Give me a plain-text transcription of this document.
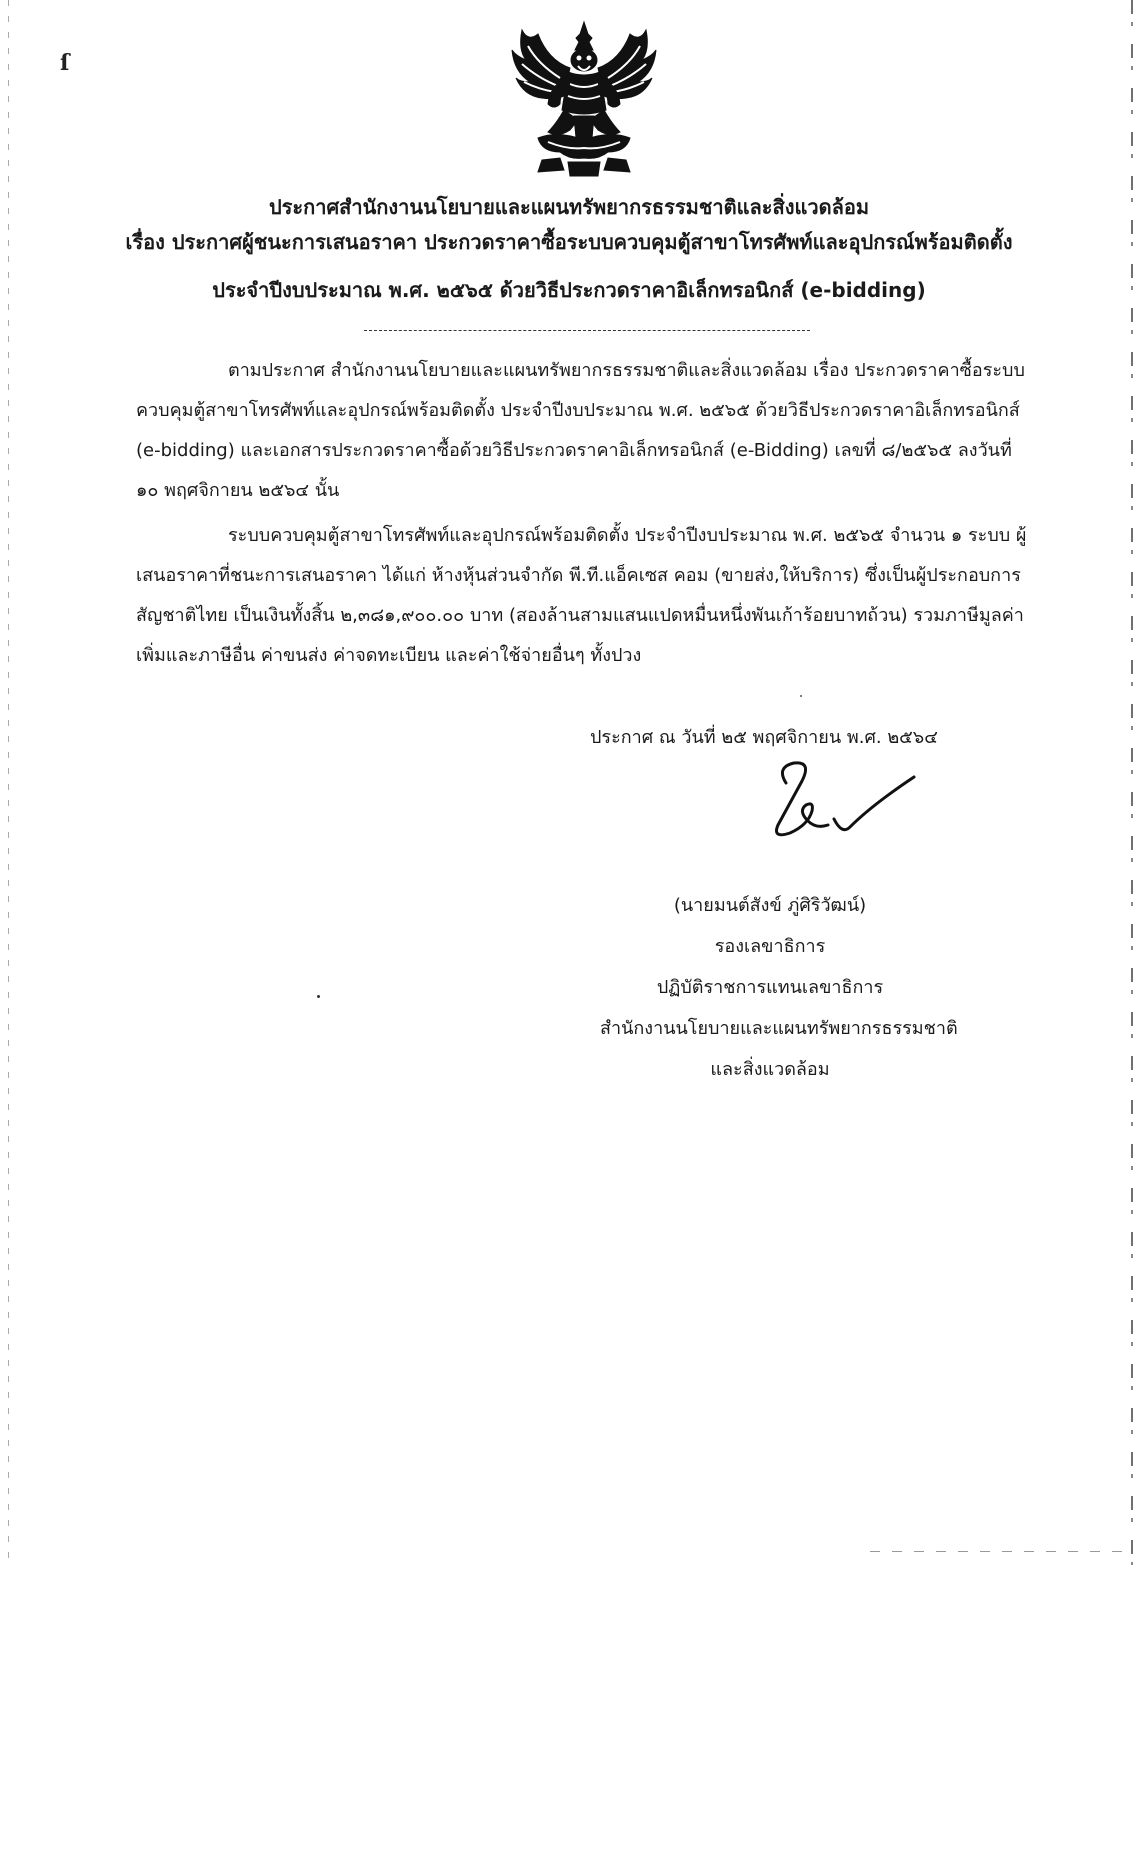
ſ
ประกาศสำนักงานนโยบายและแผนทรัพยากรธรรมชาติและสิ่งแวดล้อม
เรื่อง ประกาศผู้ชนะการเสนอราคา ประกวดราคาซื้อระบบควบคุมตู้สาขาโทรศัพท์และอุปกรณ์พร้อมติดตั้ง
ประจำปีงบประมาณ พ.ศ. ๒๕๖๕ ด้วยวิธีประกวดราคาอิเล็กทรอนิกส์ (e-bidding)
ตามประกาศ สำนักงานนโยบายและแผนทรัพยากรธรรมชาติและสิ่งแวดล้อม เรื่อง ประกวดราคาซื้อระบบควบคุมตู้สาขาโทรศัพท์และอุปกรณ์พร้อมติดตั้ง ประจำปีงบประมาณ พ.ศ. ๒๕๖๕ ด้วยวิธีประกวดราคาอิเล็กทรอนิกส์ (e-bidding) และเอกสารประกวดราคาซื้อด้วยวิธีประกวดราคาอิเล็กทรอนิกส์ (e-Bidding) เลขที่ ๘/๒๕๖๕ ลงวันที่ ๑๐ พฤศจิกายน ๒๕๖๔ นั้น
ระบบควบคุมตู้สาขาโทรศัพท์และอุปกรณ์พร้อมติดตั้ง ประจำปีงบประมาณ พ.ศ. ๒๕๖๕ จำนวน ๑ ระบบ ผู้เสนอราคาที่ชนะการเสนอราคา ได้แก่ ห้างหุ้นส่วนจำกัด พี.ที.แอ็คเซส คอม (ขายส่ง,ให้บริการ) ซึ่งเป็นผู้ประกอบการสัญชาติไทย เป็นเงินทั้งสิ้น ๒,๓๘๑,๙๐๐.๐๐ บาท (สองล้านสามแสนแปดหมื่นหนึ่งพันเก้าร้อยบาทถ้วน) รวมภาษีมูลค่าเพิ่มและภาษีอื่น ค่าขนส่ง ค่าจดทะเบียน และค่าใช้จ่ายอื่นๆ ทั้งปวง
ประกาศ ณ วันที่ ๒๕ พฤศจิกายน พ.ศ. ๒๕๖๔
(นายมนต์สังข์ ภู่ศิริวัฒน์)
รองเลขาธิการ
ปฏิบัติราชการแทนเลขาธิการ
สำนักงานนโยบายและแผนทรัพยากรธรรมชาติ
และสิ่งแวดล้อม
